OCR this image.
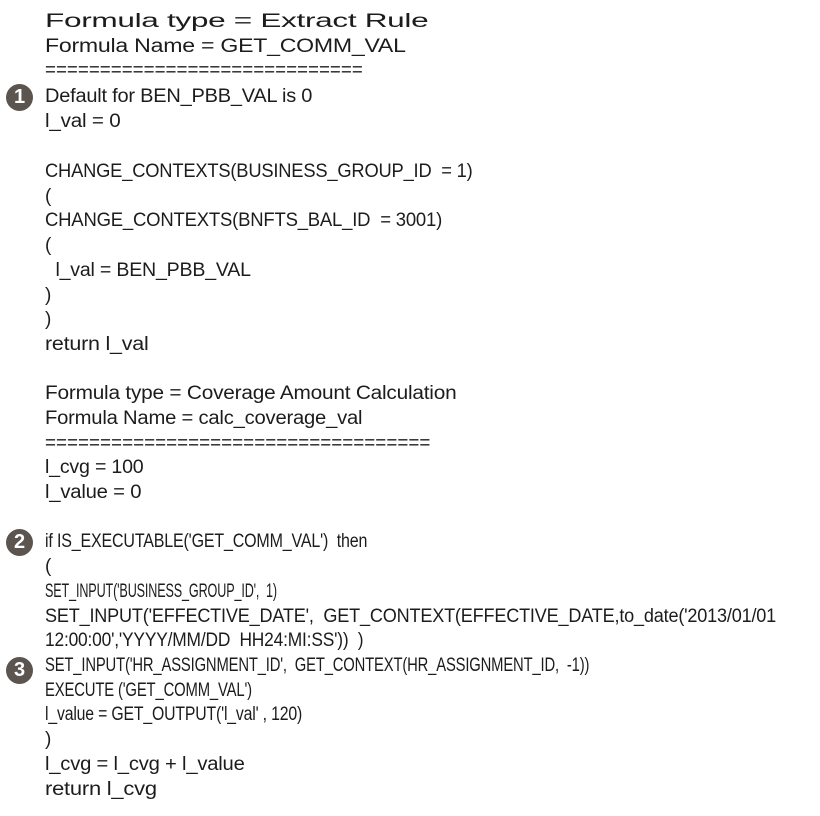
Formula type = Extract Rule
Formula Name = GET_COMM_VAL
=============================
1	Default for BEN_PBB_VAL is 0
l_val = 0
CHANGE_CONTEXTS(BUSINESS_GROUP_ID  = 1)
(
CHANGE_CONTEXTS(BNFTS_BAL_ID  = 3001)
(
l_val = BEN_PBB_VAL
)
)
return l_val
Formula type = Coverage Amount Calculation
Formula Name = calc_coverage_val
===================================
l_cvg = 100
l_value = 0
2	if IS_EXECUTABLE('GET_COMM_VAL')  then
(
SET_INPUT('BUSINESS_GROUP_ID',  1)
SET_INPUT('EFFECTIVE_DATE',  GET_CONTEXT(EFFECTIVE_DATE,to_date('2013/01/01
12:00:00','YYYY/MM/DD  HH24:MI:SS'))  )
3	SET_INPUT('HR_ASSIGNMENT_ID',  GET_CONTEXT(HR_ASSIGNMENT_ID,  -1))
EXECUTE ('GET_COMM_VAL')
l_value = GET_OUTPUT('l_val' , 120)
)
l_cvg = l_cvg + l_value
return l_cvg
